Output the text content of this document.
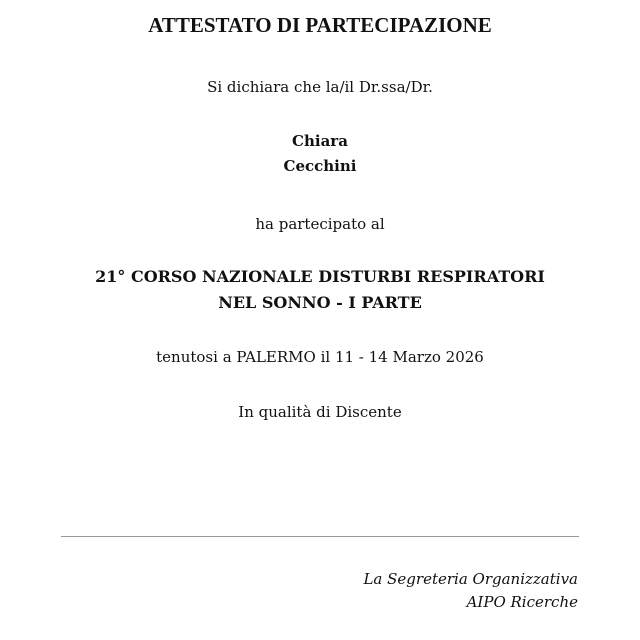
ATTESTATO DI PARTECIPAZIONE
Si dichiara che la/il Dr.ssa/Dr.
Chiara
Cecchini
ha partecipato al
21° CORSO NAZIONALE DISTURBI RESPIRATORI
NEL SONNO - I PARTE
tenutosi a PALERMO il 11 - 14 Marzo 2026
In qualità di Discente
La Segreteria Organizzativa
AIPO Ricerche
